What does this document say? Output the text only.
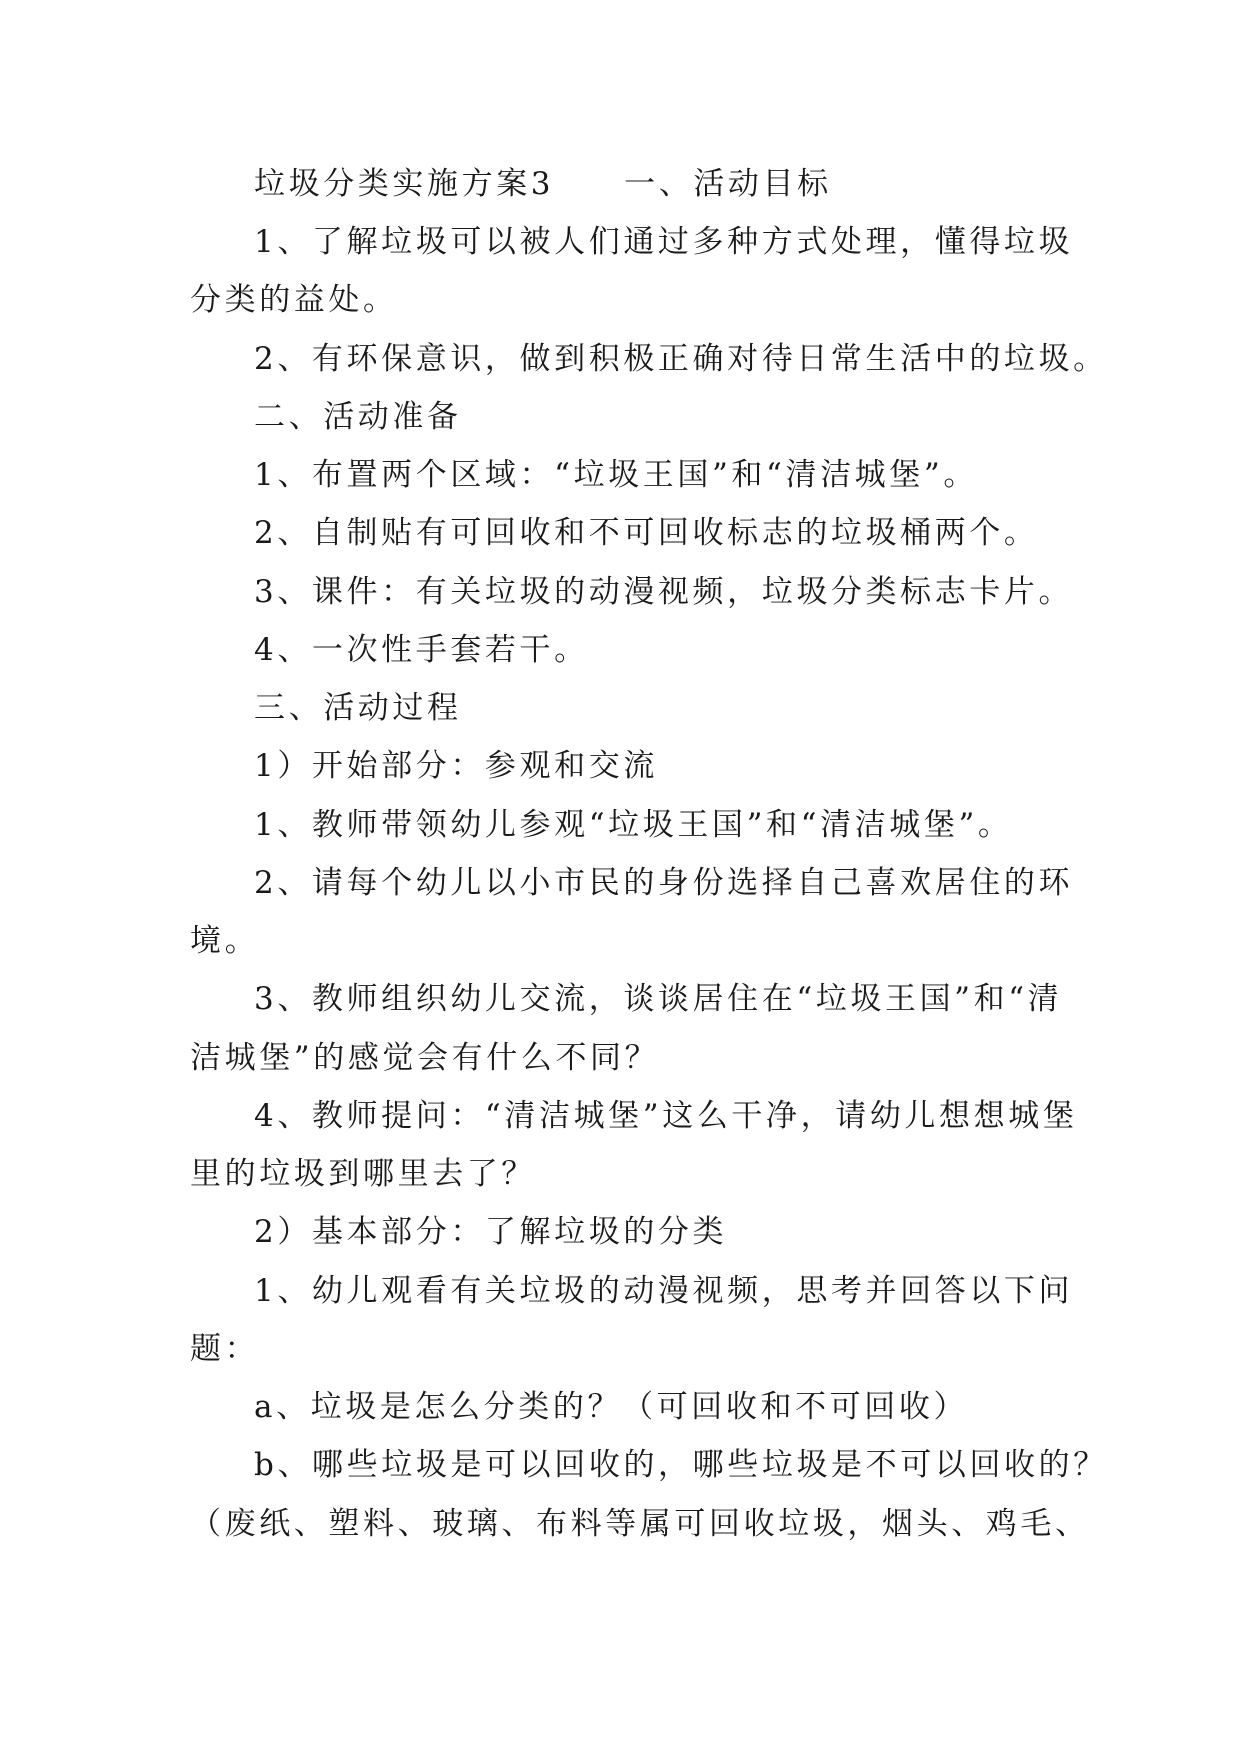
垃圾分类实施方案3 一、活动目标
1、了解垃圾可以被人们通过多种方式处理，懂得垃圾
分类的益处。
2、有环保意识，做到积极正确对待日常生活中的垃圾。
二、活动准备
1、布置两个区域：“垃圾王国”和“清洁城堡”。
2、自制贴有可回收和不可回收标志的垃圾桶两个。
3、课件：有关垃圾的动漫视频，垃圾分类标志卡片。
4、一次性手套若干。
三、活动过程
1）开始部分：参观和交流
1、教师带领幼儿参观“垃圾王国”和“清洁城堡”。
2、请每个幼儿以小市民的身份选择自己喜欢居住的环
境。
3、教师组织幼儿交流，谈谈居住在“垃圾王国”和“清
洁城堡”的感觉会有什么不同？
4、教师提问：“清洁城堡”这么干净，请幼儿想想城堡
里的垃圾到哪里去了？
2）基本部分：了解垃圾的分类
1、幼儿观看有关垃圾的动漫视频，思考并回答以下问
题：
a、垃圾是怎么分类的？（可回收和不可回收）
b、哪些垃圾是可以回收的，哪些垃圾是不可以回收的？
（废纸、塑料、玻璃、布料等属可回收垃圾，烟头、鸡毛、
